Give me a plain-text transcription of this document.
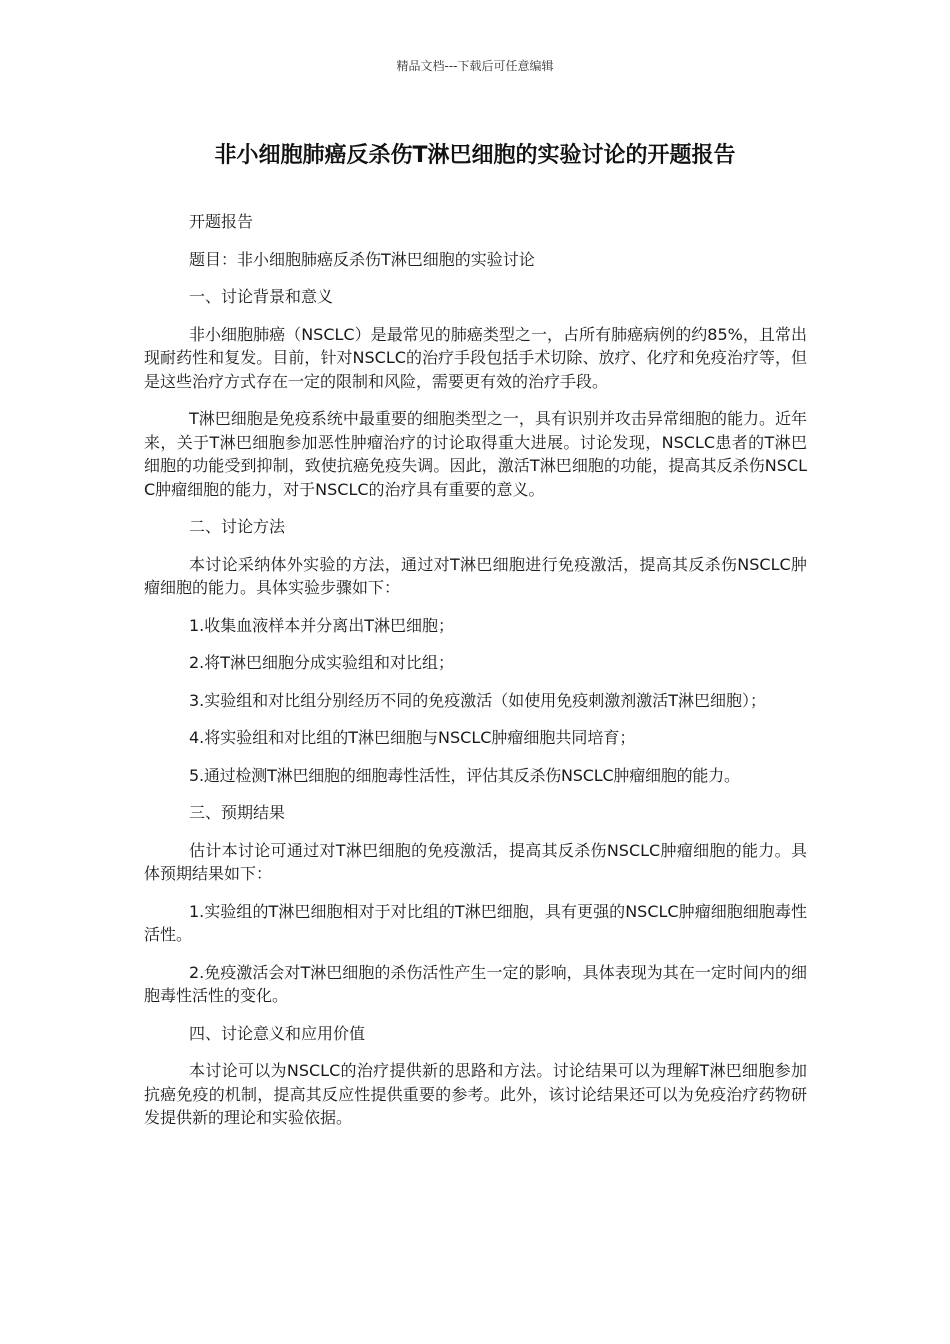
精品文档---下载后可任意编辑
非小细胞肺癌反杀伤T淋巴细胞的实验讨论的开题报告

开题报告

题目：非小细胞肺癌反杀伤T淋巴细胞的实验讨论

一、讨论背景和意义

非小细胞肺癌（NSCLC）是最常见的肺癌类型之一，占所有肺癌病例的约85%，且常出现耐药性和复发。目前，针对NSCLC的治疗手段包括手术切除、放疗、化疗和免疫治疗等，但是这些治疗方式存在一定的限制和风险，需要更有效的治疗手段。

T淋巴细胞是免疫系统中最重要的细胞类型之一，具有识别并攻击异常细胞的能力。近年来，关于T淋巴细胞参加恶性肿瘤治疗的讨论取得重大进展。讨论发现，NSCLC患者的T淋巴细胞的功能受到抑制，致使抗癌免疫失调。因此，激活T淋巴细胞的功能，提高其反杀伤NSCLC肿瘤细胞的能力，对于NSCLC的治疗具有重要的意义。

二、讨论方法

本讨论采纳体外实验的方法，通过对T淋巴细胞进行免疫激活，提高其反杀伤NSCLC肿瘤细胞的能力。具体实验步骤如下：

1.收集血液样本并分离出T淋巴细胞；

2.将T淋巴细胞分成实验组和对比组；

3.实验组和对比组分别经历不同的免疫激活（如使用免疫刺激剂激活T淋巴细胞）；

4.将实验组和对比组的T淋巴细胞与NSCLC肿瘤细胞共同培育；

5.通过检测T淋巴细胞的细胞毒性活性，评估其反杀伤NSCLC肿瘤细胞的能力。

三、预期结果

估计本讨论可通过对T淋巴细胞的免疫激活，提高其反杀伤NSCLC肿瘤细胞的能力。具体预期结果如下：

1.实验组的T淋巴细胞相对于对比组的T淋巴细胞，具有更强的NSCLC肿瘤细胞细胞毒性活性。

2.免疫激活会对T淋巴细胞的杀伤活性产生一定的影响，具体表现为其在一定时间内的细胞毒性活性的变化。

四、讨论意义和应用价值

本讨论可以为NSCLC的治疗提供新的思路和方法。讨论结果可以为理解T淋巴细胞参加抗癌免疫的机制，提高其反应性提供重要的参考。此外，该讨论结果还可以为免疫治疗药物研发提供新的理论和实验依据。
